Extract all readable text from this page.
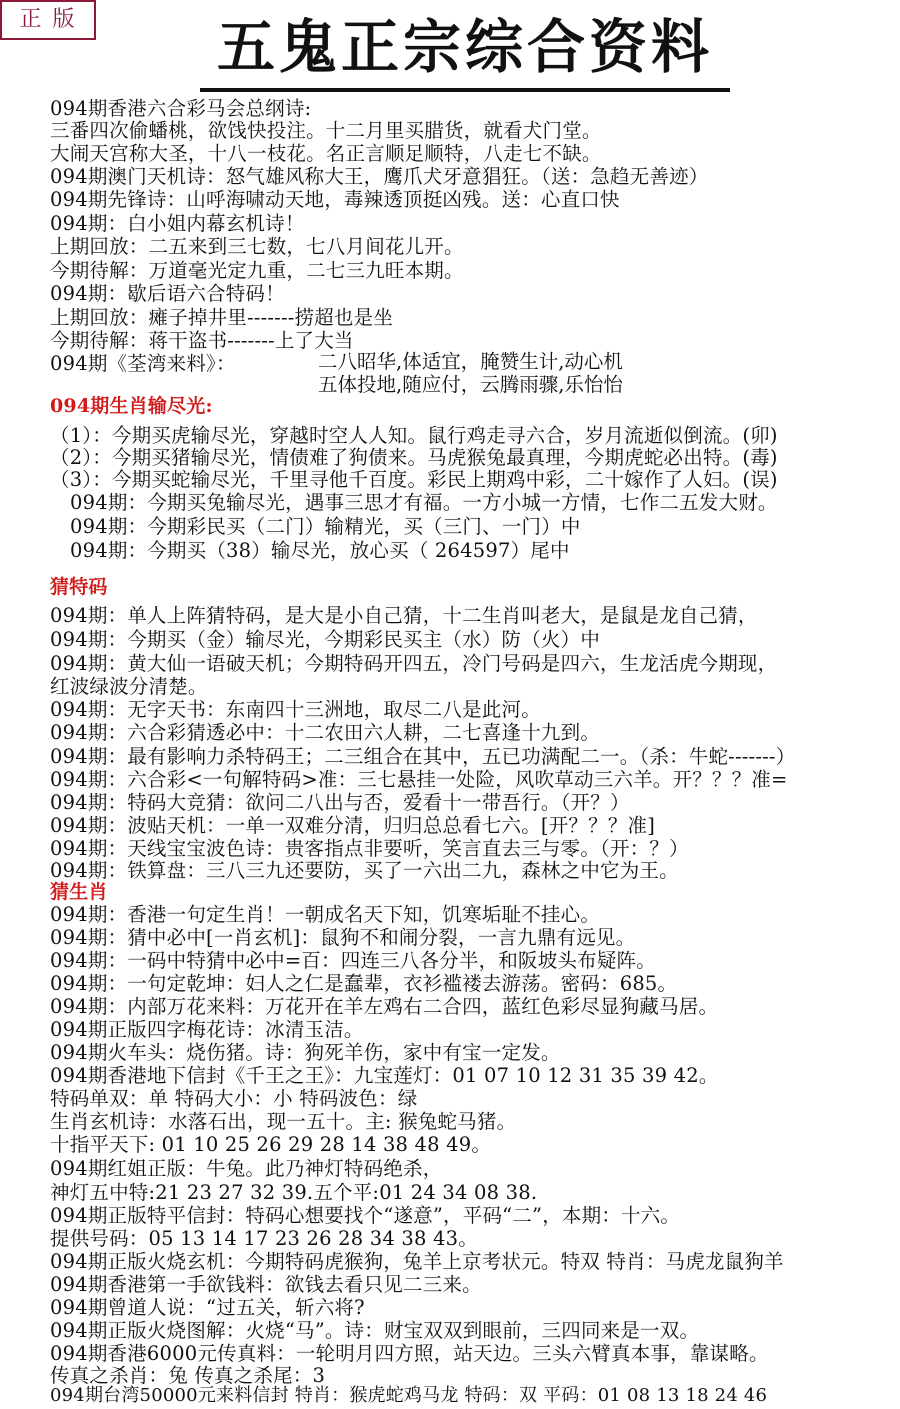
正 版	五鬼正宗综合资料
094期香港六合彩马会总纲诗:
三番四次偷蟠桃，欲饯快投注。十二月里买腊货，就看犬门堂。
大闹天宫称大圣，十八一枝花。名正言顺足顺特，八走七不缺。
094期澳门天机诗：怒气雄风称大王，鹰爪犬牙意猖狂。（送：急趋无善迹）
094期先锋诗：山呼海啸动天地，毒辣透顶挺凶残。送：心直口快
094期：白小姐内幕玄机诗！
上期回放：二五来到三七数，七八月间花儿开。
今期待解：万道毫光定九重，二七三九旺本期。
094期：歇后语六合特码！
上期回放：瘫子掉井里-------捞超也是坐
今期待解：蒋干盗书-------上了大当
094期《荃湾来料》：	二八昭华,体适宜，腌赞生计,动心机
五体投地,随应付，云腾雨骤,乐怡怡
094期生肖输尽光:
（1）：今期买虎输尽光，穿越时空人人知。鼠行鸡走寻六合，岁月流逝似倒流。(卯)
（2）：今期买猪输尽光，情债难了狗债来。马虎猴兔最真理，今期虎蛇必出特。(毒)
（3）：今期买蛇输尽光，千里寻他千百度。彩民上期鸡中彩，二十嫁作了人妇。(误)
094期：今期买兔输尽光，遇事三思才有福。一方小城一方情，七作二五发大财。
094期：今期彩民买（二门）输精光，买（三门、一门）中
094期：今期买（38）输尽光，放心买（ 264597）尾中
猜特码
094期：单人上阵猜特码，是大是小自己猜，十二生肖叫老大，是鼠是龙自己猜，
094期：今期买（金）输尽光，今期彩民买主（水）防（火）中
094期：黄大仙一语破天机；今期特码开四五，冷门号码是四六，生龙活虎今期现，
红波绿波分清楚。
094期：无字天书：东南四十三洲地，取尽二八是此河。
094期：六合彩猜透必中：十二农田六人耕，二七喜逢十九到。
094期：最有影响力杀特码王；二三组合在其中，五已功满配二一。（杀：牛蛇-------）
094期：六合彩<一句解特码>准：三七悬挂一处险，风吹草动三六羊。开？？？准=
094期：特码大竞猜：欲问二八出与否，爱看十一带吾行。（开？）
094期：波贴天机：一单一双难分清，归归总总看七六。[开？？？准]
094期：天线宝宝波色诗：贵客指点非要听，笑言直去三与零。（开：？）
094期：铁算盘：三八三九还要防，买了一六出二九，森林之中它为王。
猜生肖
094期：香港一句定生肖！一朝成名天下知，饥寒垢耻不挂心。
094期：猜中必中[一肖玄机]：鼠狗不和闹分裂，一言九鼎有远见。
094期：一码中特猜中必中=百：四连三八各分半，和阪坡头布疑阵。
094期：一句定乾坤：妇人之仁是蠢辈，衣衫褴褛去游荡。密码：685。
094期：内部万花来料：万花开在羊左鸡右二合四，蓝红色彩尽显狗藏马居。
094期正版四字梅花诗：冰清玉洁。
094期火车头：烧伤猪。诗：狗死羊伤，家中有宝一定发。
094期香港地下信封《千王之王》：九宝莲灯：01 07 10 12 31 35 39 42。
特码单双：单 特码大小：小 特码波色：绿
生肖玄机诗：水落石出，现一五十。主: 猴兔蛇马猪。
十指平天下: 01 10 25 26 29 28 14 38 48 49。
094期红姐正版：牛兔。此乃神灯特码绝杀，
神灯五中特:21 23 27 32 39.五个平:01 24 34 08 38.
094期正版特平信封：特码心想要找个“遂意”，平码“二”，本期：十六。
提供号码：05 13 14 17 23 26 28 34 38 43。
094期正版火烧玄机：今期特码虎猴狗，兔羊上京考状元。特双 特肖：马虎龙鼠狗羊
094期香港第一手欲钱料：欲钱去看只见二三来。
094期曾道人说：“过五关，斩六将?
094期正版火烧图解：火烧“马”。诗：财宝双双到眼前，三四同来是一双。
094期香港6000元传真料：一轮明月四方照，站天边。三头六臂真本事，靠谋略。
传真之杀肖：兔 传真之杀尾：3
094期台湾50000元来料信封 特肖：猴虎蛇鸡马龙 特码：双 平码：01 08 13 18 24 46
